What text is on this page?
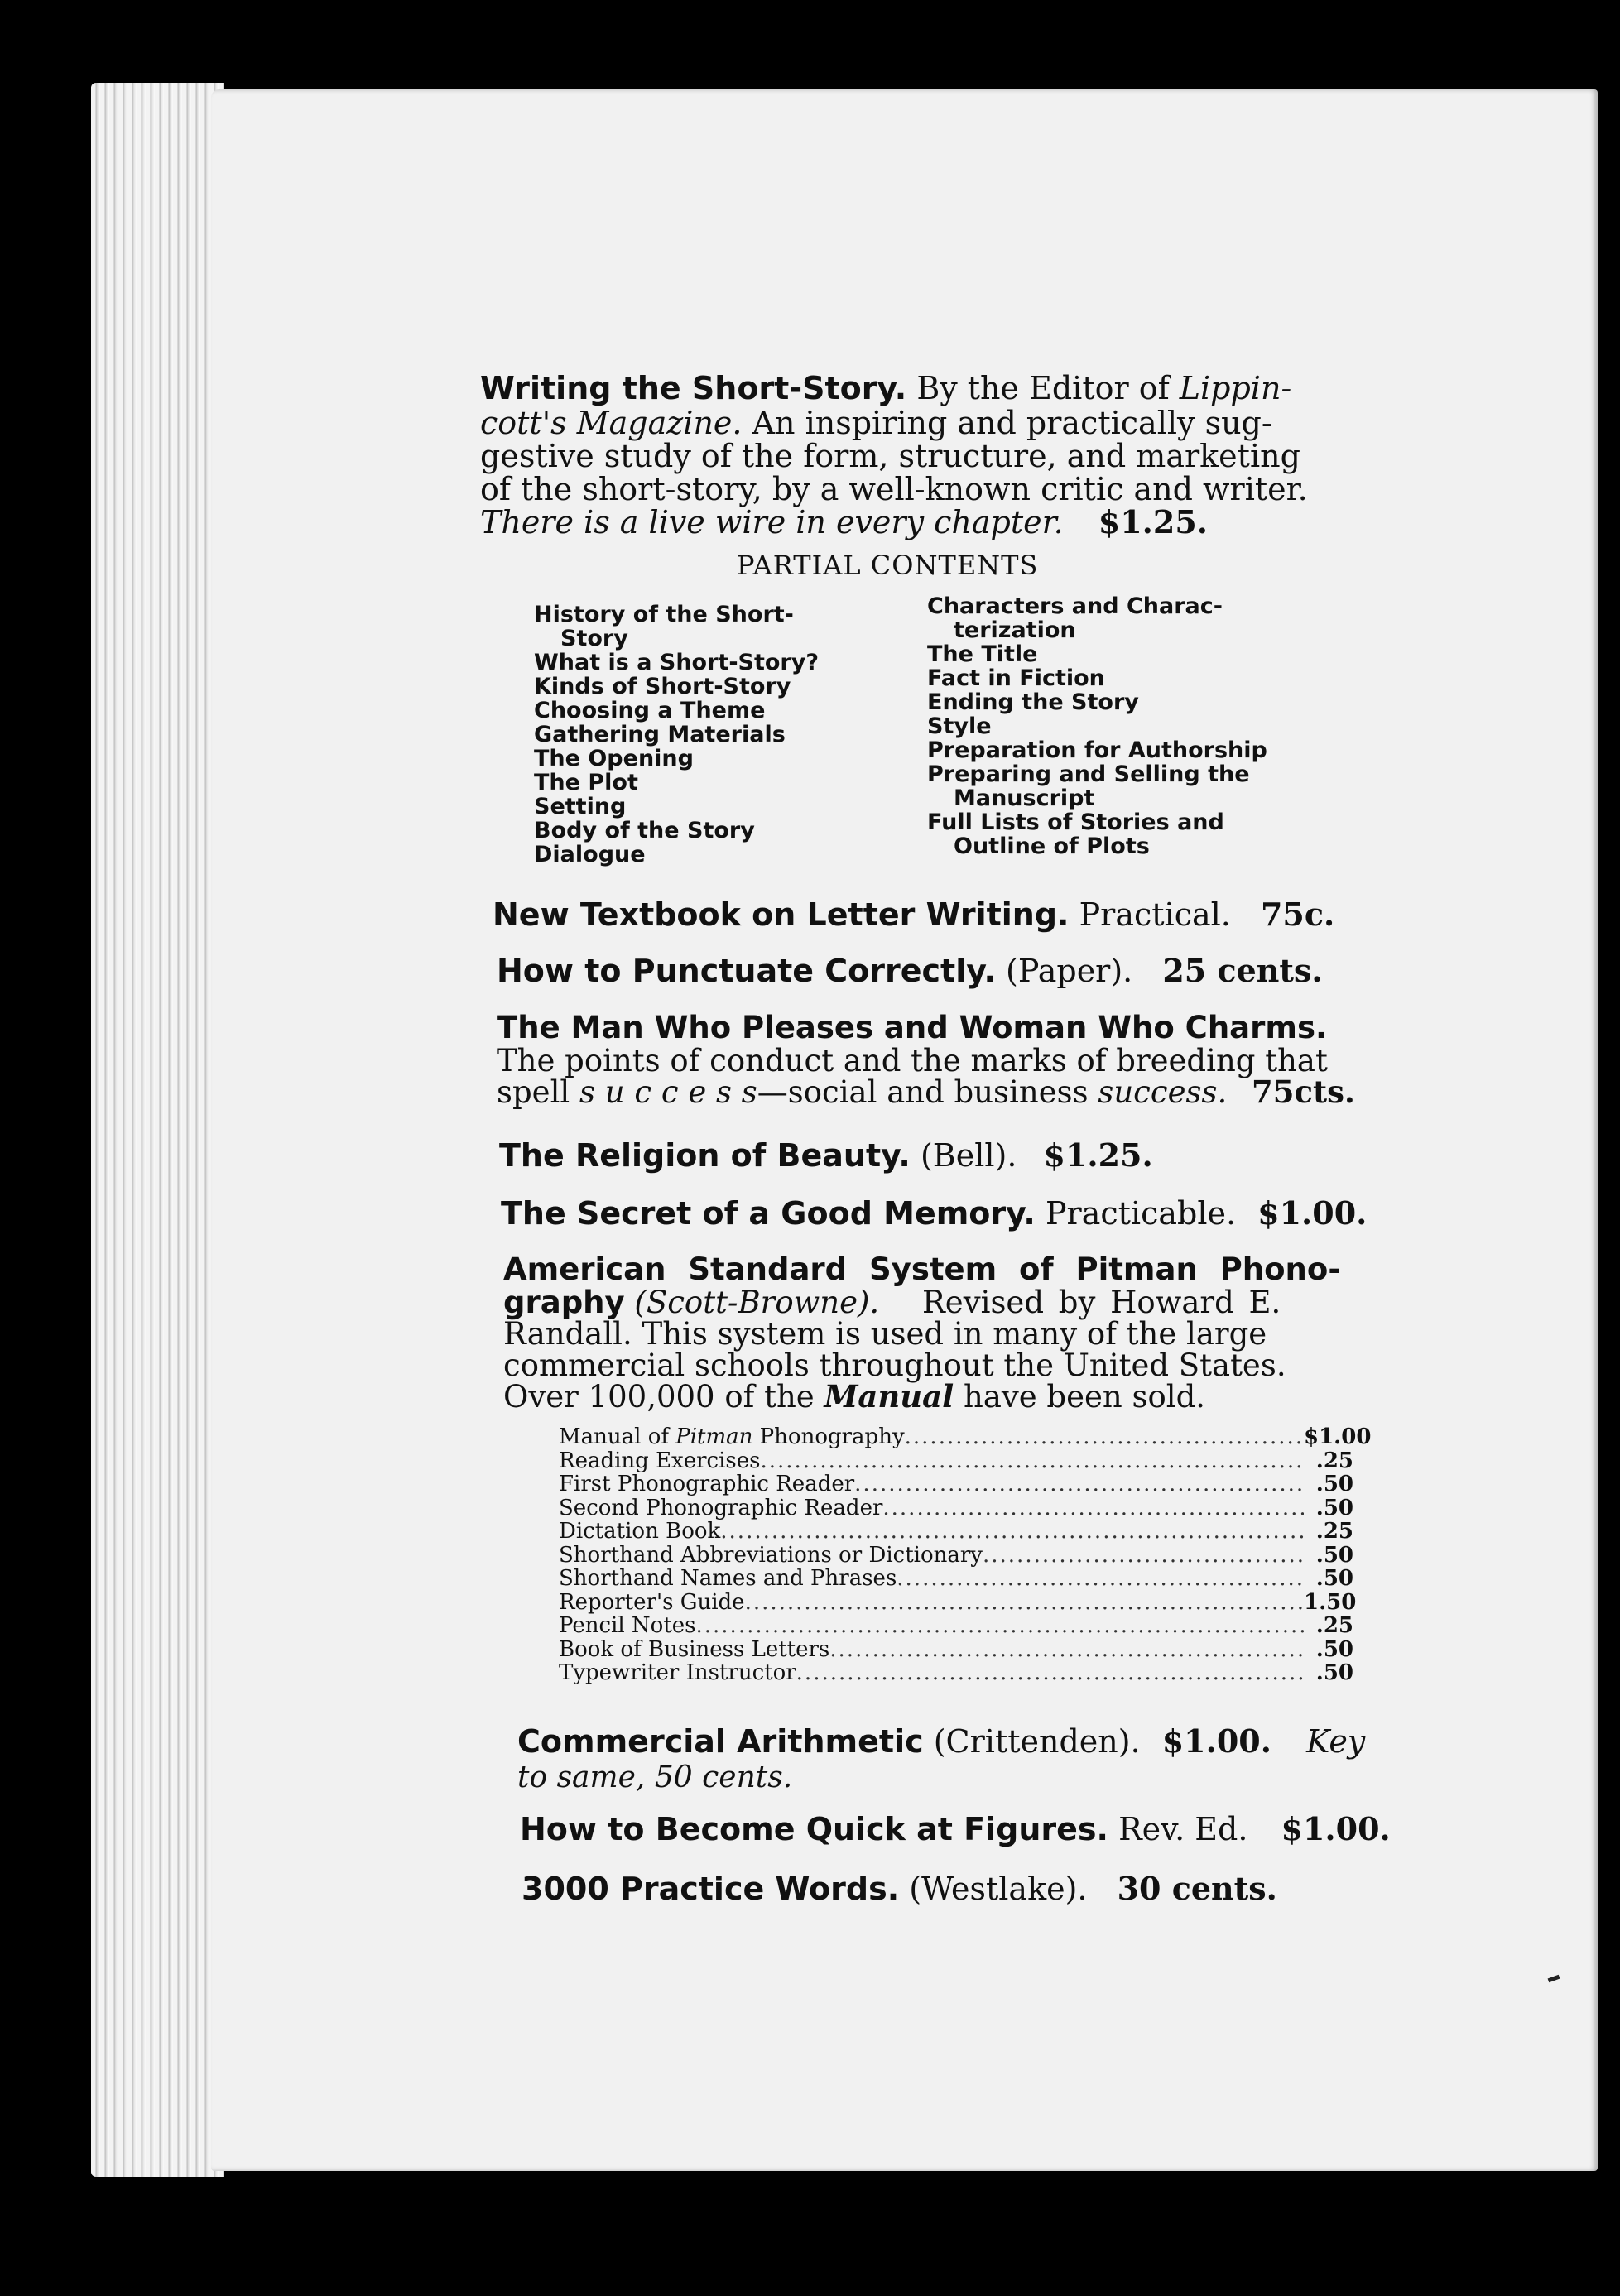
Writing the Short-Story. By the Editor of Lippin-
cott's Magazine. An inspiring and practically sug-
gestive study of the form, structure, and marketing
of the short-story, by a well-known critic and writer.
There is a live wire in every chapter. $1.25.
PARTIAL CONTENTS
History of the Short-
Story
What is a Short-Story?
Kinds of Short-Story
Choosing a Theme
Gathering Materials
The Opening
The Plot
Setting
Body of the Story
Dialogue
Characters and Charac-
terization
The Title
Fact in Fiction
Ending the Story
Style
Preparation for Authorship
Preparing and Selling the
Manuscript
Full Lists of Stories and
Outline of Plots
New Textbook on Letter Writing. Practical. 75c.
How to Punctuate Correctly. (Paper). 25 cents.
The Man Who Pleases and Woman Who Charms.
The points of conduct and the marks of breeding that
spell s u c c e s s—social and business success. 75cts.
The Religion of Beauty. (Bell). $1.25.
The Secret of a Good Memory. Practicable. $1.00.
American Standard System of Pitman Phono-
graphy (Scott-Browne). Revised by Howard E.
Randall. This system is used in many of the large
commercial schools throughout the United States.
Over 100,000 of the Manual have been sold.
Manual of Pitman Phonography .....	$1.00
Reading Exercises .....	.25
First Phonographic Reader .....	.50
Second Phonographic Reader .....	.50
Dictation Book .....	.25
Shorthand Abbreviations or Dictionary .....	.50
Shorthand Names and Phrases .....	.50
Reporter's Guide .....	1.50
Pencil Notes .....	.25
Book of Business Letters .....	.50
Typewriter Instructor .....	.50
Commercial Arithmetic (Crittenden). $1.00. Key
to same, 50 cents.
How to Become Quick at Figures. Rev. Ed. $1.00.
3000 Practice Words. (Westlake). 30 cents.
